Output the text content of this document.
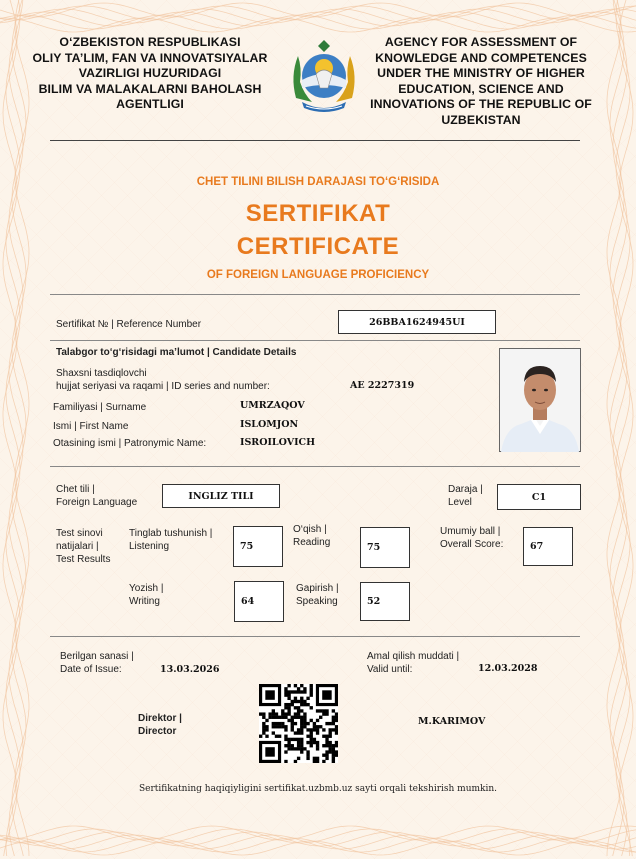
O‘ZBEKISTON RESPUBLIKASI
OLIY TA’LIM, FAN VA INNOVATSIYALAR
VAZIRLIGI HUZURIDAGI
BILIM VA MALAKALARNI BAHOLASH
AGENTLIGI
AGENCY FOR ASSESSMENT OF
KNOWLEDGE AND COMPETENCES
UNDER THE MINISTRY OF HIGHER
EDUCATION, SCIENCE AND
INNOVATIONS OF THE REPUBLIC OF
UZBEKISTAN
CHET TILINI BILISH DARAJASI TO‘G‘RISIDA
SERTIFIKAT
CERTIFICATE
OF FOREIGN LANGUAGE PROFICIENCY
Sertifikat № | Reference Number	26BBA1624945UI
Talabgor to‘g‘risidagi ma’lumot | Candidate Details
Shaxsni tasdiqlovchi
hujjat seriyasi va raqami | ID series and number:	AE 2227319
Familiyasi | Surname	UMRZAQOV
Ismi | First Name	ISLOMJON
Otasining ismi | Patronymic Name:	ISROILOVICH
Chet tili |
Foreign Language
INGLIZ TILI
Daraja |
Level	C1
Test sinovi
natijalari |
Test Results
Tinglab tushunish |
Listening	75
O‘qish |
Reading	75
Umumiy ball |
Overall Score:	67
Yozish |
Writing	64
Gapirish |
Speaking	52
Berilgan sanasi |
Date of Issue:	13.03.2026
Amal qilish muddati |
Valid until:	12.03.2028
Direktor |
Director
M.KARIMOV
Sertifikatning haqiqiyligini sertifikat.uzbmb.uz sayti orqali tekshirish mumkin.
